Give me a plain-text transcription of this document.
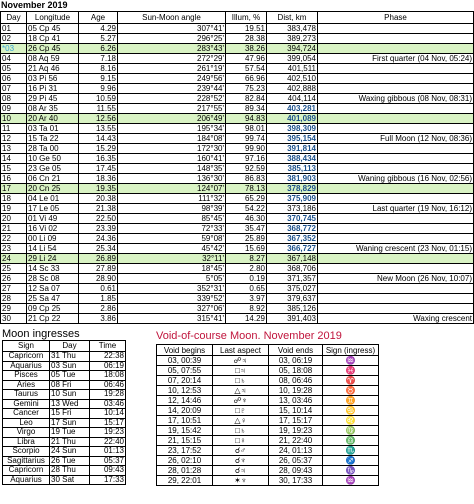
November 2019
Day	Longitude	Age	Sun-Moon angle	Illum, %	Dist, km	Phase
01	05 Cp 45	4.29	307°41'	19.51	383,478	
02	18 Cp 41	5.27	296°25'	28.38	389,273	
*03	26 Cp 45	6.26	283°43'	38.26	394,724	
04	08 Aq 59	7.18	272°29'	47.96	399,054	First quarter (04 Nov, 05:24)
05	21 Aq 46	8.16	261°19'	57.54	401,511	
06	03 Pi 56	9.15	249°56'	66.96	402,510	
07	16 Pi 31	9.96	239°44'	75.23	402,888	
08	29 Pi 45	10.59	228°52'	82.84	404,114	Waxing gibbous (08 Nov, 08:31)
09	08 Ar 35	11.55	217°55'	89.34	403,281	
10	20 Ar 40	12.56	206°49'	94.83	401,089	
11	03 Ta 01	13.55	195°34'	98.01	398,309	
12	15 Ta 22	14.43	184°08'	99.74	395,154	Full Moon (12 Nov, 08:36)
13	28 Ta 00	15.29	172°30'	99.90	391,814	
14	10 Ge 50	16.35	160°41'	97.16	388,434	
15	23 Ge 05	17.45	148°35'	92.59	385,113	
16	06 Cn 21	18.36	136°30'	86.83	381,903	Waning gibbous (16 Nov, 02:56)
17	20 Cn 25	19.35	124°07'	78.13	378,829	
18	04 Le 01	20.38	111°32'	65.29	375,909	
19	17 Le 05	21.38	98°39'	54.22	373,186	Last quarter (19 Nov, 16:12)
20	01 Vi 49	22.50	85°45'	46.30	370,745	
21	16 Vi 02	23.39	72°33'	35.47	368,772	
22	00 Li 09	24.36	59°08'	25.89	367,352	
23	14 Li 54	25.34	45°42'	15.69	366,727	Waning crescent (23 Nov, 01:15)
24	29 Li 24	26.89	32°11'	8.27	367,148	
25	14 Sc 33	27.89	18°45'	2.80	368,706	
26	28 Sc 08	28.90	5°05'	0.19	371,357	New Moon (26 Nov, 10:07)
27	12 Sa 07	0.61	352°31'	0.65	375,027	
28	25 Sa 47	1.85	339°52'	3.97	379,637	
29	09 Cp 25	2.86	327°06'	8.92	385,126	
30	21 Cp 22	3.86	315°41'	14.29	391,403	Waxing crescent
Moon ingresses
Sign	Day	Time
Capricorn	31 Thu	22:38
Aquarius	03 Sun	06:19
Pisces	05 Tue	18:08
Aries	08 Fri	06:46
Taurus	10 Sun	19:28
Gemini	13 Wed	03:46
Cancer	15 Fri	10:14
Leo	17 Sun	15:17
Virgo	19 Tue	19:23
Libra	21 Thu	22:40
Scorpio	24 Sun	01:13
Sagittarius	26 Tue	05:37
Capricorn	28 Thu	09:43
Aquarius	30 Sat	17:33
Void-of-course Moon. November 2019
Void begins	Last aspect	Void ends	Sign (ingress)
03, 00:39	☍♃	03, 06:19	♒
05, 07:55	□♃	05, 18:08	♓
07, 20:14	□♄	08, 06:46	♈
10, 12:53	△♃	10, 19:28	♉
12, 14:46	☍♆	13, 03:46	♊
14, 20:09	□♇	15, 10:14	♋
17, 10:51	△♀	17, 15:17	♌
19, 15:42	□♄	19, 19:23	♍
21, 15:15	□♀	21, 22:40	♎
23, 17:52	☌♂	24, 01:13	♏
26, 02:10	☌♆	26, 05:37	♐
28, 01:28	☌♃	28, 09:43	♑
29, 22:01	✶♆	30, 17:33	♒
